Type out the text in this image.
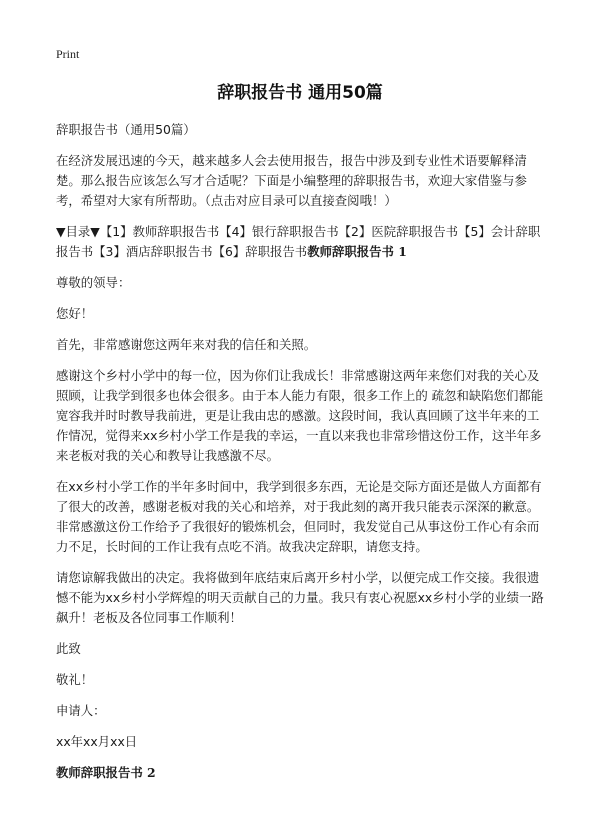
Print
辞职报告书 通用50篇

辞职报告书（通用50篇）

在经济发展迅速的今天，越来越多人会去使用报告，报告中涉及到专业性术语要解释清楚。那么报告应该怎么写才合适呢？下面是小编整理的辞职报告书，欢迎大家借鉴与参考，希望对大家有所帮助。（点击对应目录可以直接查阅哦！）

▼目录▼【1】教师辞职报告书【4】银行辞职报告书【2】医院辞职报告书【5】会计辞职报告书【3】酒店辞职报告书【6】辞职报告书教师辞职报告书 1

尊敬的领导：

您好！

首先，非常感谢您这两年来对我的信任和关照。

感谢这个乡村小学中的每一位，因为你们让我成长！非常感谢这两年来您们对我的关心及照顾，让我学到很多也体会很多。由于本人能力有限，很多工作上的 疏忽和缺陷您们都能宽容我并时时教导我前进，更是让我由忠的感激。这段时间，我认真回顾了这半年来的工作情况，觉得来xx乡村小学工作是我的幸运，一直以来我也非常珍惜这份工作，这半年多来老板对我的关心和教导让我感激不尽。

在xx乡村小学工作的半年多时间中，我学到很多东西，无论是交际方面还是做人方面都有了很大的改善，感谢老板对我的关心和培养，对于我此刻的离开我只能表示深深的歉意。非常感激这份工作给予了我很好的锻炼机会，但同时，我发觉自己从事这份工作心有余而力不足，长时间的工作让我有点吃不消。故我决定辞职，请您支持。

请您谅解我做出的决定。我将做到年底结束后离开乡村小学，以便完成工作交接。我很遗憾不能为xx乡村小学辉煌的明天贡献自己的力量。我只有衷心祝愿xx乡村小学的业绩一路飙升！老板及各位同事工作顺利！

此致

敬礼！

申请人：

xx年xx月xx日

教师辞职报告书 2
